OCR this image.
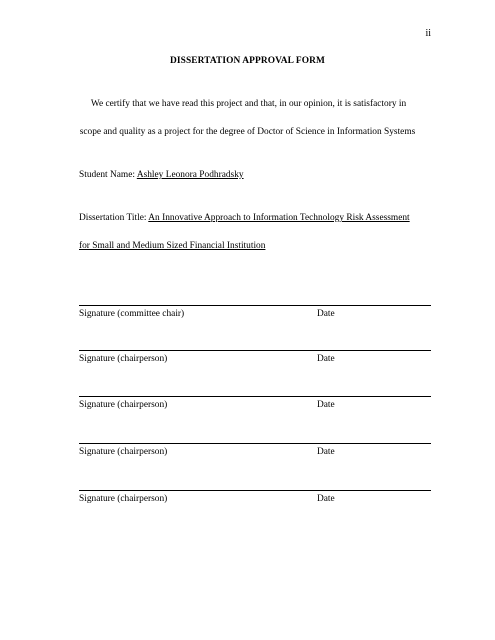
ii
DISSERTATION APPROVAL FORM
We certify that we have read this project and that, in our opinion, it is satisfactory in
scope and quality as a project for the degree of Doctor of Science in Information Systems
Student Name: Ashley Leonora Podhradsky
Dissertation Title: An Innovative Approach to Information Technology Risk Assessment
for Small and Medium Sized Financial Institution
Signature (committee chair)	Date
Signature (chairperson)	Date
Signature (chairperson)	Date
Signature (chairperson)	Date
Signature (chairperson)	Date
